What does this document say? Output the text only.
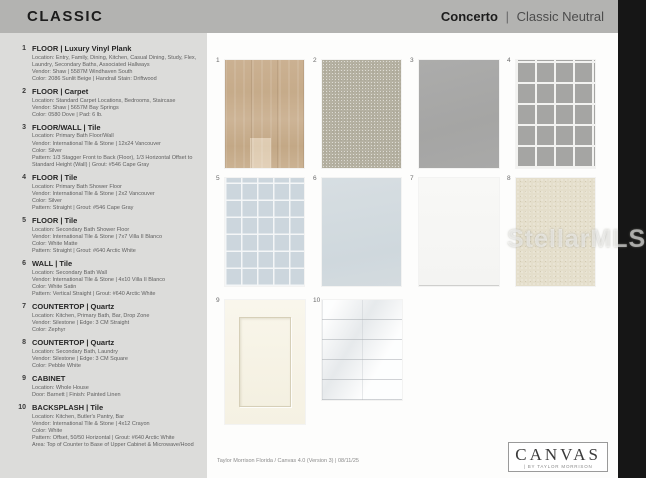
CLASSIC	Concerto | Classic Neutral
1 FLOOR | Luxury Vinyl Plank
Location: Entry, Family, Dining, Kitchen, Casual Dining, Study, Flex, Laundry, Secondary Baths, Associated Hallways
Vendor: Shaw | 5587M Windhaven South
Color: 2086 Sunlit Beige | Handrail Stain: Driftwood
2 FLOOR | Carpet
Location: Standard Carpet Locations, Bedrooms, Staircase
Vendor: Shaw | 5657M Bay Springs
Color: 0580 Dove | Pad: 6 lb.
3 FLOOR/WALL | Tile
Location: Primary Bath Floor/Wall
Vendor: International Tile & Stone | 12x24 Vancouver
Color: Silver
Pattern: 1/3 Stagger Front to Back (Floor), 1/3 Horizontal Offset to Standard Height (Wall) | Grout: #546 Cape Gray
4 FLOOR | Tile
Location: Primary Bath Shower Floor
Vendor: International Tile & Stone | 2x2 Vancouver
Color: Silver
Pattern: Straight | Grout: #546 Cape Gray
5 FLOOR | Tile
Location: Secondary Bath Shower Floor
Vendor: International Tile & Stone | 7x7 Villa II Blanco
Color: White Matte
Pattern: Straight | Grout: #640 Arctic White
6 WALL | Tile
Location: Secondary Bath Wall
Vendor: International Tile & Stone | 4x10 Villa II Blanco
Color: White Satin
Pattern: Vertical Straight | Grout: #640 Arctic White
7 COUNTERTOP | Quartz
Location: Kitchen, Primary Bath, Bar, Drop Zone
Vendor: Silestone | Edge: 3 CM Straight
Color: Zephyr
8 COUNTERTOP | Quartz
Location: Secondary Bath, Laundry
Vendor: Silestone | Edge: 3 CM Square
Color: Pebble White
9 CABINET
Location: Whole House
Door: Barnett | Finish: Painted Linen
10 BACKSPLASH | Tile
Location: Kitchen, Butler's Pantry, Bar
Vendor: International Tile & Stone | 4x12 Crayon
Color: White
Pattern: Offset, 50/50 Horizontal | Grout: #640 Arctic White
Area: Top of Counter to Base of Upper Cabinet & Microwave/Hood
1	2	3	4
5	6	7	8
9	10
StellarMLS
Taylor Morrison Florida / Canvas 4.0 (Version 3) | 08/11/25	CANVAS
| BY TAYLOR MORRISON
